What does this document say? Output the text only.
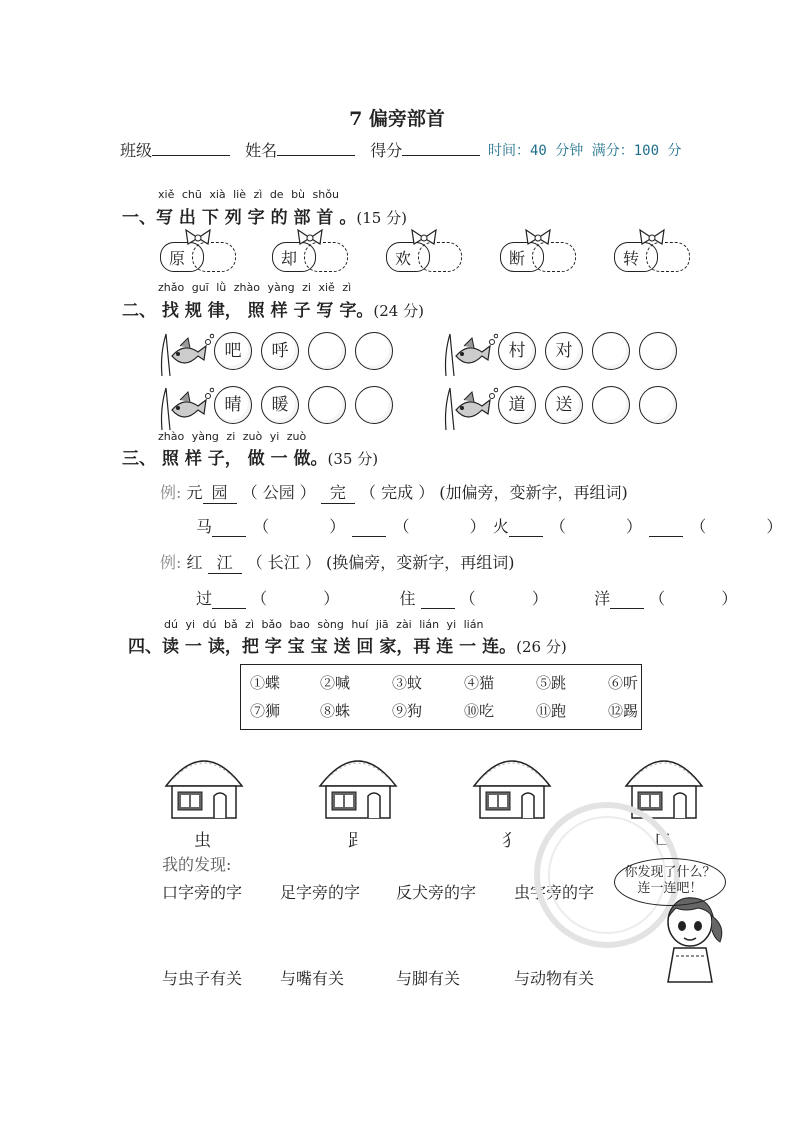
7 偏旁部首
班级	姓名	得分	时间：40 分钟 满分：100 分
xiě chū xià liè zì de bù shǒu
一、写 出 下 列 字 的 部 首 。(15 分)
原	却	欢	断	转
zhǎo guī lǜ zhào yàng zi xiě zì
二、 找 规 律， 照 样 子 写 字。(24 分)
吧	呼	村	对
晴	暖	道	送
zhào yàng zi zuò yi zuò
三、 照 样 子， 做 一 做。(35 分)
例: 元 园 （ 公园 ） 完 （ 完成 ） (加偏旁，变新字，再组词)
马  （	）   （	） 火  （	）   （	）
例: 红 江 （ 长江 ） (换偏旁，变新字，再组词)
过  （	）	住   （	）	洋  （	）
dú yi dú bǎ zì bǎo bao sòng huí jiā zài lián yi lián
四、读 一 读，把 字 宝 宝 送 回 家，再 连 一 连。(26 分)
①蝶	②喊	③蚊	④猫	⑤跳	⑥听
⑦狮	⑧蛛	⑨狗	⑩吃	⑪跑	⑫踢
虫	𧾷	犭	口
我的发现:
口字旁的字 足字旁的字 反犬旁的字 虫字旁的字
与虫子有关 与嘴有关	与脚有关	与动物有关
你发现了什么？
连一连吧！
